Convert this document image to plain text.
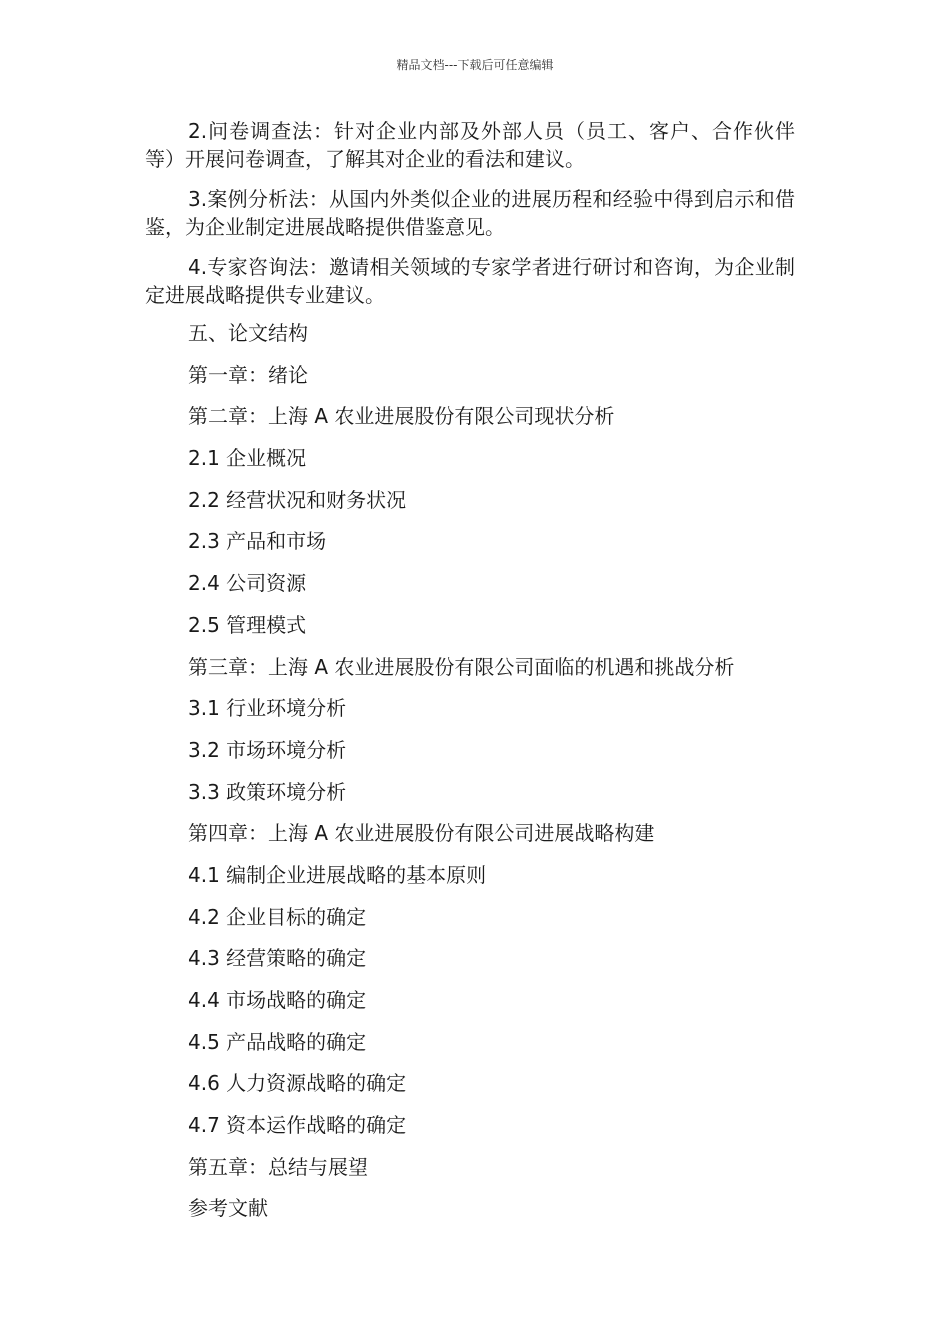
精品文档---下载后可任意编辑

2.问卷调查法：针对企业内部及外部人员（员工、客户、合作伙伴等）开展问卷调查，了解其对企业的看法和建议。

3.案例分析法：从国内外类似企业的进展历程和经验中得到启示和借鉴，为企业制定进展战略提供借鉴意见。

4.专家咨询法：邀请相关领域的专家学者进行研讨和咨询，为企业制定进展战略提供专业建议。

五、论文结构

第一章：绪论

第二章：上海 A 农业进展股份有限公司现状分析

2.1 企业概况

2.2 经营状况和财务状况

2.3 产品和市场

2.4 公司资源

2.5 管理模式

第三章：上海 A 农业进展股份有限公司面临的机遇和挑战分析

3.1 行业环境分析

3.2 市场环境分析

3.3 政策环境分析

第四章：上海 A 农业进展股份有限公司进展战略构建

4.1 编制企业进展战略的基本原则

4.2 企业目标的确定

4.3 经营策略的确定

4.4 市场战略的确定

4.5 产品战略的确定

4.6 人力资源战略的确定

4.7 资本运作战略的确定

第五章：总结与展望

参考文献
